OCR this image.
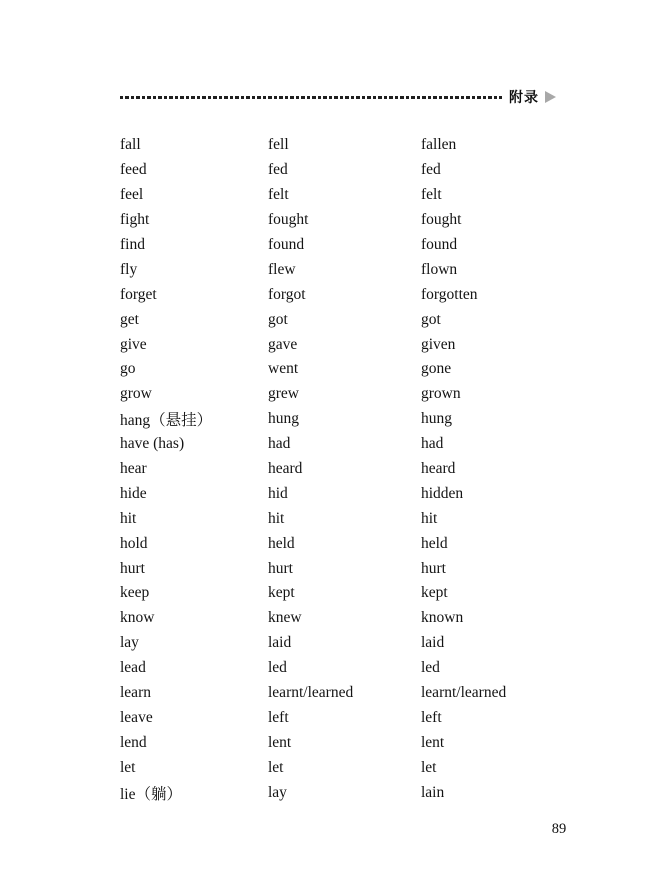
附录
fall	fell	fallen
feed	fed	fed
feel	felt	felt
fight	fought	fought
find	found	found
fly	flew	flown
forget	forgot	forgotten
get	got	got
give	gave	given
go	went	gone
grow	grew	grown
hang（悬挂）	hung	hung
have (has)	had	had
hear	heard	heard
hide	hid	hidden
hit	hit	hit
hold	held	held
hurt	hurt	hurt
keep	kept	kept
know	knew	known
lay	laid	laid
lead	led	led
learn	learnt/learned	learnt/learned
leave	left	left
lend	lent	lent
let	let	let
lie（躺）	lay	lain
89
